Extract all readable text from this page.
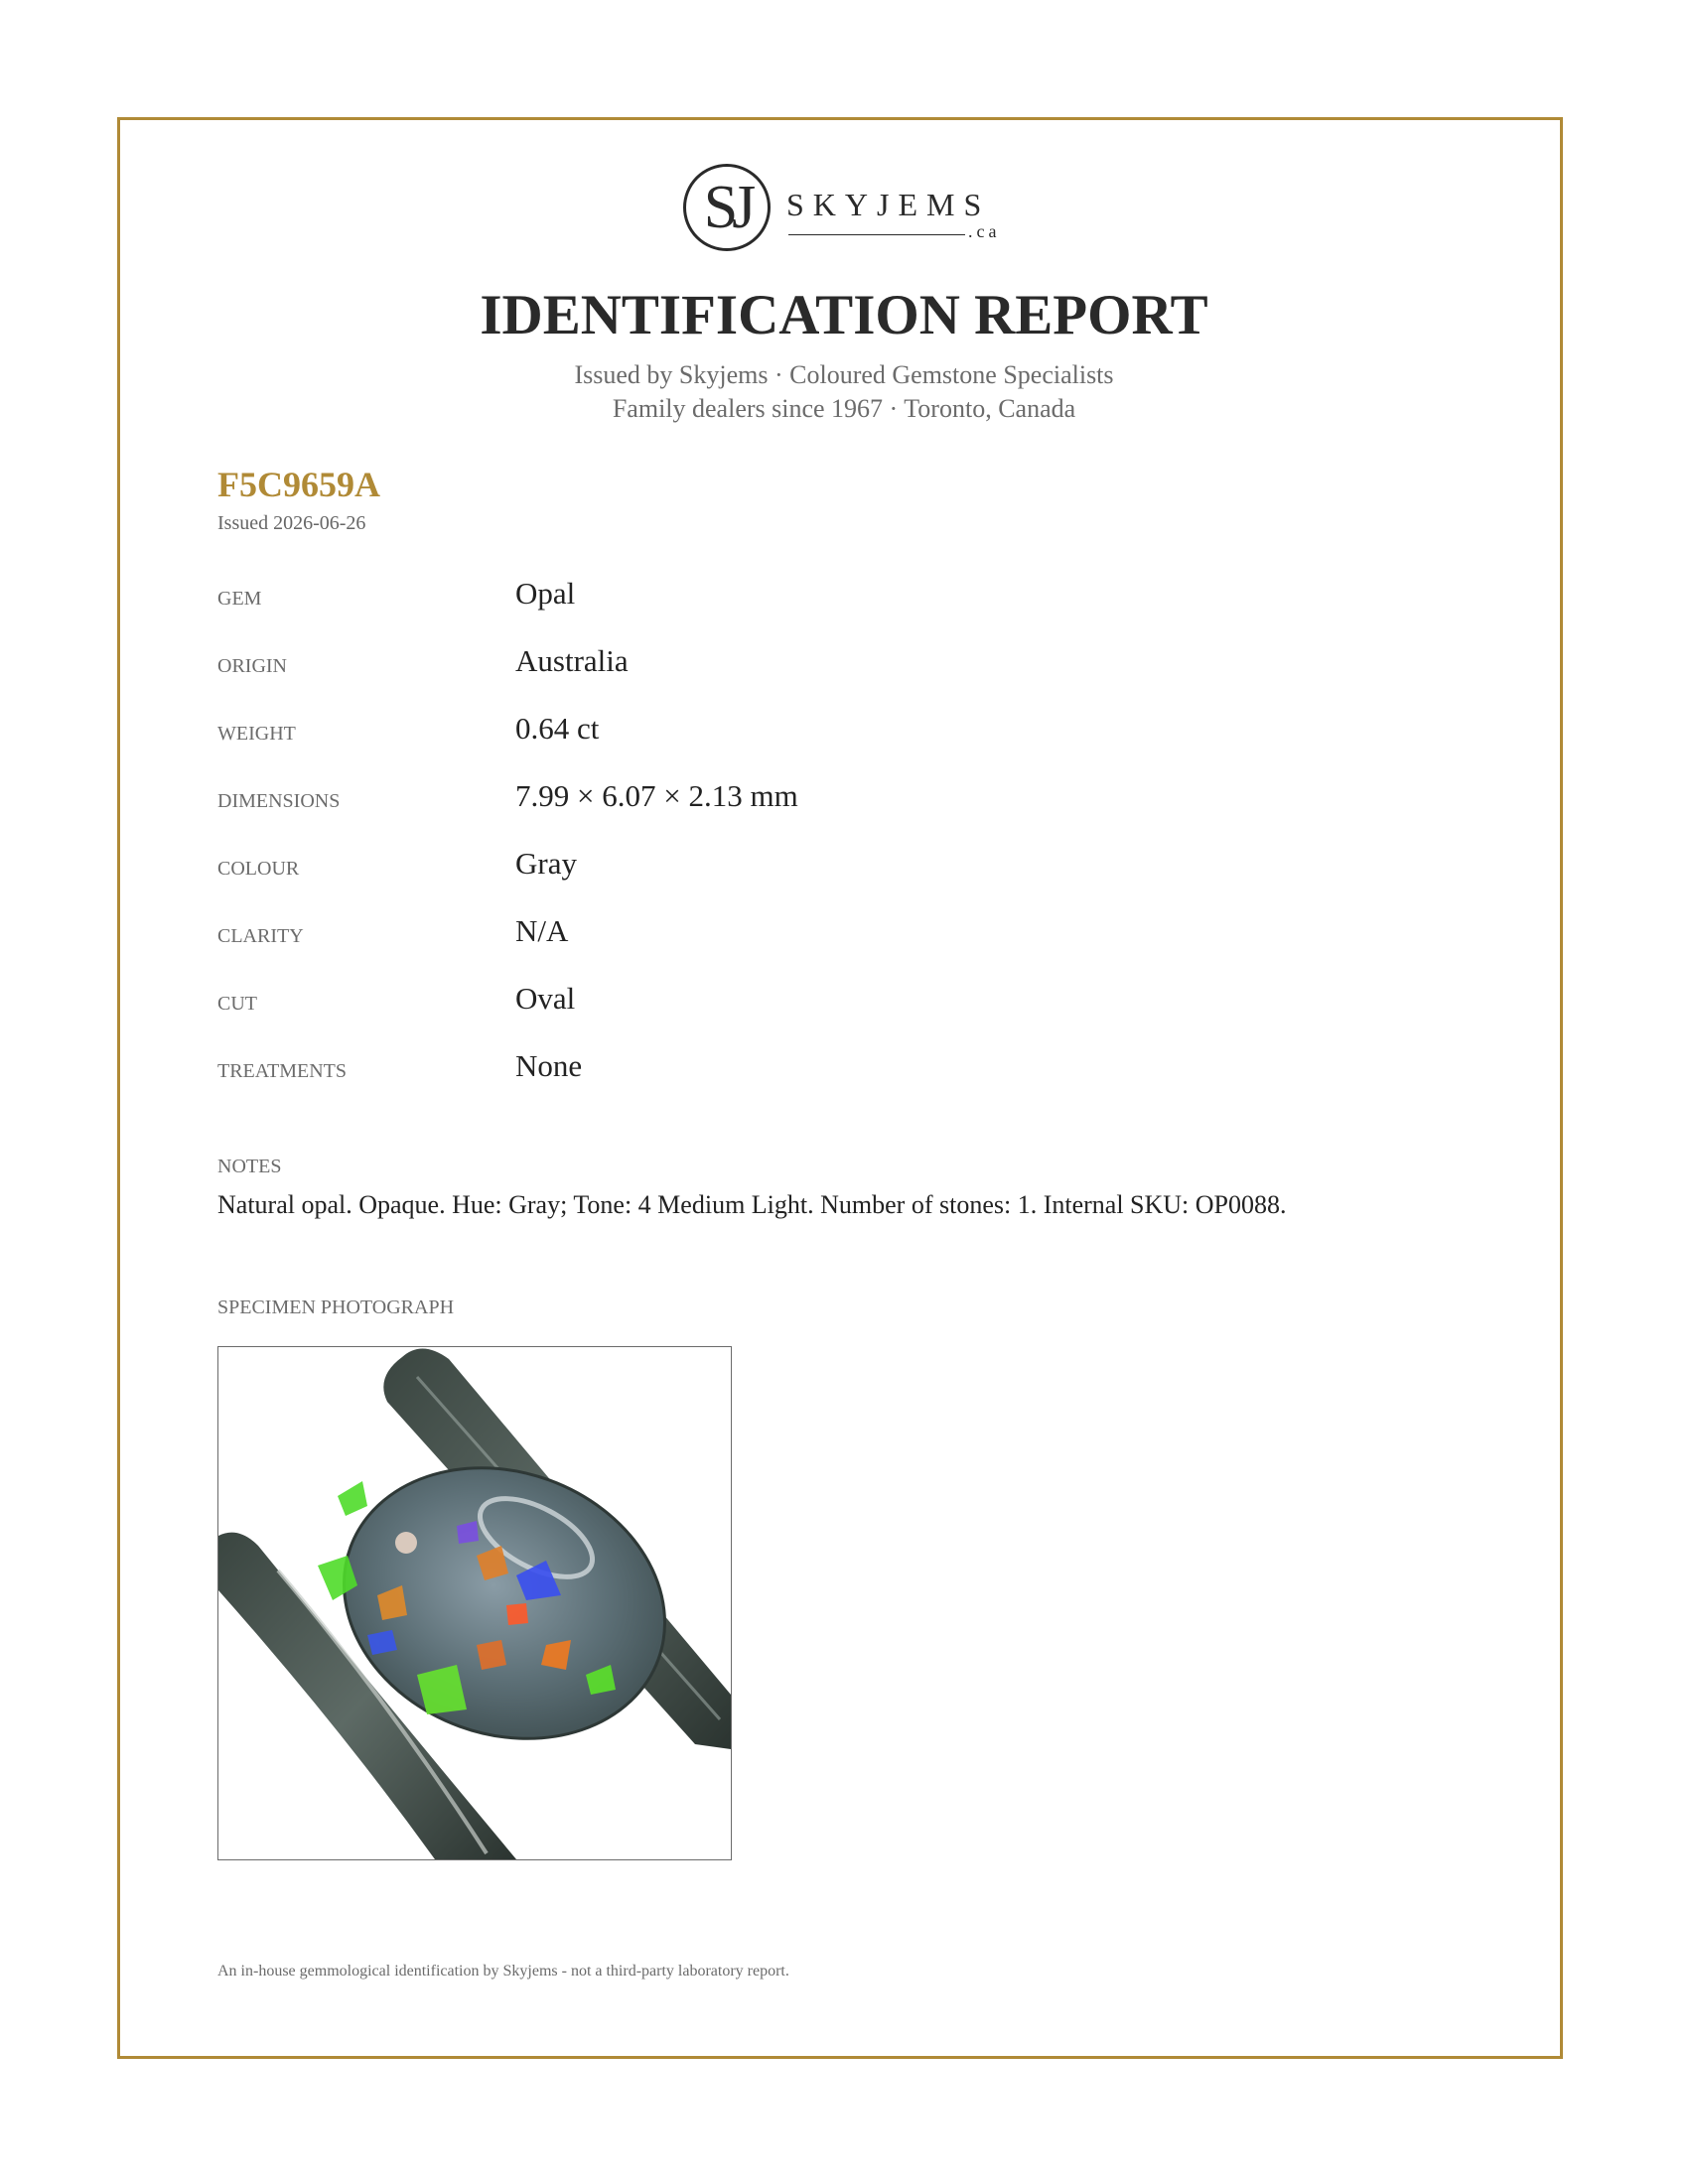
SJ	SKYJEMS
.ca
IDENTIFICATION REPORT
Issued by Skyjems · Coloured Gemstone Specialists
Family dealers since 1967 · Toronto, Canada
F5C9659A
Issued 2026-06-26
GEM	Opal
ORIGIN	Australia
WEIGHT	0.64 ct
DIMENSIONS	7.99 × 6.07 × 2.13 mm
COLOUR	Gray
CLARITY	N/A
CUT	Oval
TREATMENTS	None
NOTES
Natural opal. Opaque. Hue: Gray; Tone: 4 Medium Light. Number of stones: 1. Internal SKU: OP0088.
SPECIMEN PHOTOGRAPH
An in-house gemmological identification by Skyjems - not a third-party laboratory report.
